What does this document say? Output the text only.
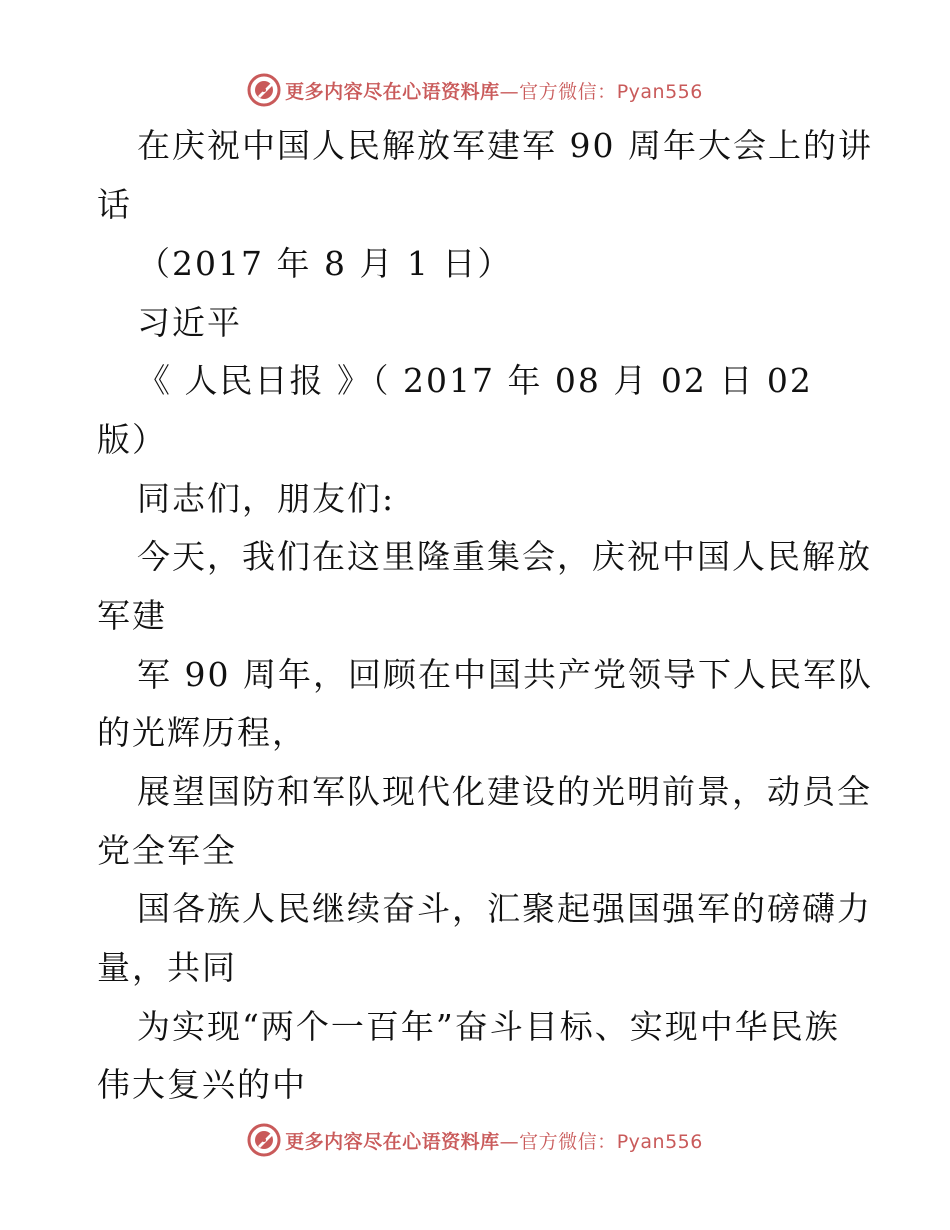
更多内容尽在心语资料库—官方微信：Pyan556
在庆祝中国人民解放军建军 90 周年大会上的讲
话
（2017 年 8 月 1 日）
习近平
《 人民日报 》（ 2017 年 08 月 02 日 02
版）
同志们，朋友们:
今天，我们在这里隆重集会，庆祝中国人民解放
军建
军 90 周年，回顾在中国共产党领导下人民军队
的光辉历程，
展望国防和军队现代化建设的光明前景，动员全
党全军全
国各族人民继续奋斗，汇聚起强国强军的磅礴力
量，共同
为实现“两个一百年”奋斗目标、实现中华民族
伟大复兴的中
更多内容尽在心语资料库—官方微信：Pyan556
